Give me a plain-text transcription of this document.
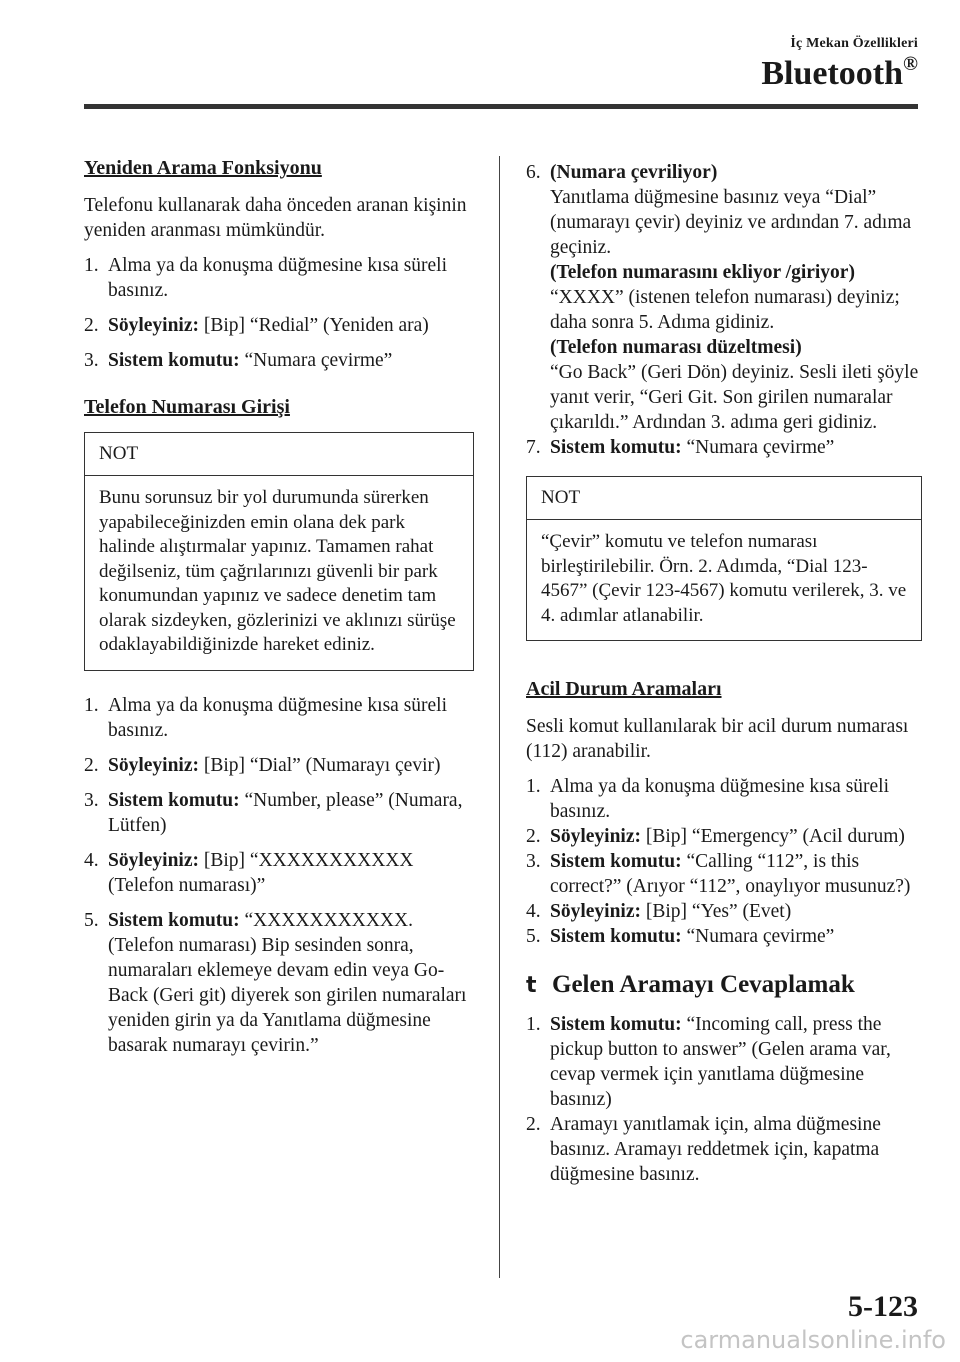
İç Mekan Özellikleri
Bluetooth®
Yeniden Arama Fonksiyonu
Telefonu kullanarak daha önceden aranan kişinin yeniden aranması mümkündür.
1. Alma ya da konuşma düğmesine kısa süreli basınız.
2. Söyleyiniz: [Bip] “Redial” (Yeniden ara)
3. Sistem komutu: “Numara çevirme”
Telefon Numarası Girişi
NOT
Bunu sorunsuz bir yol durumunda sürerken yapabileceğinizden emin olana dek park halinde alıştırmalar yapınız. Tamamen rahat değilseniz, tüm çağrılarınızı güvenli bir park konumundan yapınız ve sadece denetim tam olarak sizdeyken, gözlerinizi ve aklınızı sürüşe odaklayabildiğinizde hareket ediniz.
1. Alma ya da konuşma düğmesine kısa süreli basınız.
2. Söyleyiniz: [Bip] “Dial” (Numarayı çevir)
3. Sistem komutu: “Number, please” (Numara, Lütfen)
4. Söyleyiniz: [Bip] “XXXXXXXXXXX (Telefon numarası)”
5. Sistem komutu: “XXXXXXXXXXX. (Telefon numarası) Bip sesinden sonra, numaraları eklemeye devam edin veya Go-Back (Geri git) diyerek son girilen numaraları yeniden girin ya da Yanıtlama düğmesine basarak numarayı çevirin.”
6. (Numara çevriliyor)
Yanıtlama düğmesine basınız veya “Dial” (numarayı çevir) deyiniz ve ardından 7. adıma geçiniz.
(Telefon numarasını ekliyor /giriyor)
“XXXX” (istenen telefon numarası) deyiniz; daha sonra 5. Adıma gidiniz.
(Telefon numarası düzeltmesi)
“Go Back” (Geri Dön) deyiniz. Sesli ileti şöyle yanıt verir, “Geri Git. Son girilen numaralar çıkarıldı.” Ardından 3. adıma geri gidiniz.
7. Sistem komutu: “Numara çevirme”
NOT
“Çevir” komutu ve telefon numarası birleştirilebilir. Örn. 2. Adımda, “Dial 123-4567” (Çevir 123-4567) komutu verilerek, 3. ve 4. adımlar atlanabilir.
Acil Durum Aramaları
Sesli komut kullanılarak bir acil durum numarası (112) aranabilir.
1. Alma ya da konuşma düğmesine kısa süreli basınız.
2. Söyleyiniz: [Bip] “Emergency” (Acil durum)
3. Sistem komutu: “Calling “112”, is this correct?” (Arıyor “112”, onaylıyor musunuz?)
4. Söyleyiniz: [Bip] “Yes” (Evet)
5. Sistem komutu: “Numara çevirme”
t Gelen Aramayı Cevaplamak
1. Sistem komutu: “Incoming call, press the pickup button to answer” (Gelen arama var, cevap vermek için yanıtlama düğmesine basınız)
2. Aramayı yanıtlamak için, alma düğmesine basınız. Aramayı reddetmek için, kapatma düğmesine basınız.
5-123
carmanualsonline.info
